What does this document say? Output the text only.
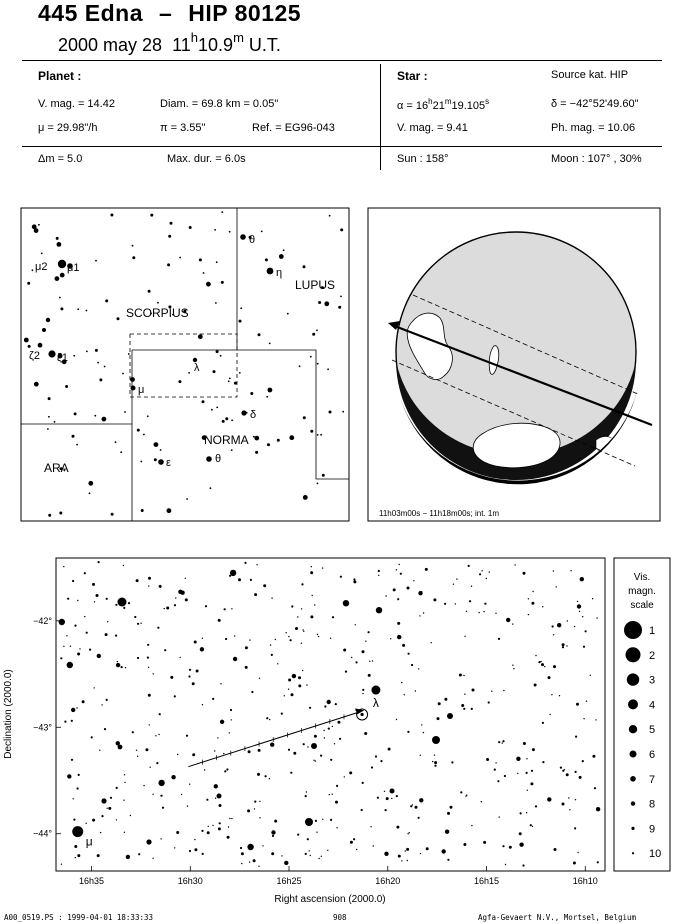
445 Edna – HIP 80125
2000 may 28 11$^h$10.9$^m$ U.T.
Planet :
V. mag. = 14.42	Diam. = 69.8 km = 0.05"
μ = 29.98"/h	π = 3.55"	Ref. = EG96-043
Star :	Source kat. HIP
$\alpha = 16^h21^m19.105^s$	δ = −42°52'49.60"
V. mag. = 9.41	Ph. mag. = 10.06
Δm = 5.0	Max. dur. = 6.0s	Sun : 158°	Moon : 107° , 30%
SCORPIUS
LUPUS
NORMA
ARA
μ2 μ1
ζ2 ζ1
θ
η
λ
μ
δ
ε	θ
11h03m00s − 11h18m00s; int. 1m
16h35	16h30	16h25	16h20	16h15	16h10
−42°
−43°
−44°
λ
μ
Right ascension (2000.0)
Declination (2000.0)
Vis.
magn.
scale
1
2
3
4
5
6
7
8
9
10
A00_0519.PS : 1999-04-01 18:33:33	908	Agfa-Gevaert N.V., Mortsel, Belgium
